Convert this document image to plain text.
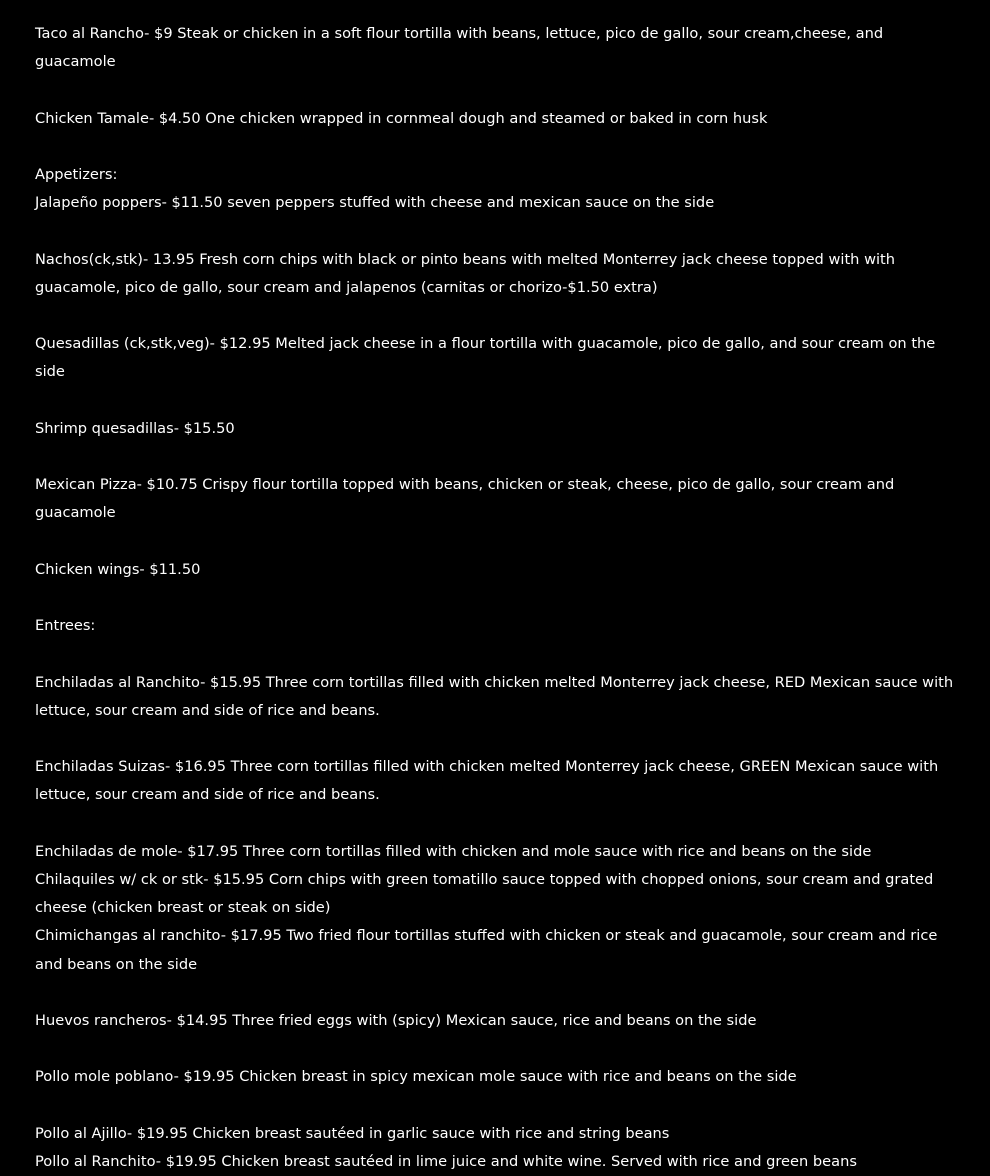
Taco al Rancho- $9 Steak or chicken in a soft flour tortilla with beans, lettuce, pico de gallo, sour cream,cheese, and guacamole

Chicken Tamale- $4.50 One chicken wrapped in cornmeal dough and steamed or baked in corn husk

Appetizers:

Jalapeño poppers- $11.50 seven peppers stuffed with cheese and mexican sauce on the side

Nachos(ck,stk)- 13.95 Fresh corn chips with black or pinto beans with melted Monterrey jack cheese topped with with guacamole, pico de gallo, sour cream and jalapenos (carnitas or chorizo-$1.50 extra)

Quesadillas (ck,stk,veg)- $12.95 Melted jack cheese in a flour tortilla with guacamole, pico de gallo, and sour cream on the side

Shrimp quesadillas- $15.50

Mexican Pizza- $10.75 Crispy flour tortilla topped with beans, chicken or steak, cheese, pico de gallo, sour cream and guacamole

Chicken wings- $11.50

Entrees:

Enchiladas al Ranchito- $15.95 Three corn tortillas filled with chicken melted Monterrey jack cheese, RED Mexican sauce with lettuce, sour cream and side of rice and beans.

Enchiladas Suizas- $16.95 Three corn tortillas filled with chicken melted Monterrey jack cheese, GREEN Mexican sauce with lettuce, sour cream and side of rice and beans.

Enchiladas de mole- $17.95 Three corn tortillas filled with chicken and mole sauce with rice and beans on the side

Chilaquiles w/ ck or stk- $15.95 Corn chips with green tomatillo sauce topped with chopped onions, sour cream and grated cheese (chicken breast or steak on side)

Chimichangas al ranchito- $17.95 Two fried flour tortillas stuffed with chicken or steak and guacamole, sour cream and rice and beans on the side

Huevos rancheros- $14.95 Three fried eggs with (spicy) Mexican sauce, rice and beans on the side

Pollo mole poblano- $19.95 Chicken breast in spicy mexican mole sauce with rice and beans on the side

Pollo al Ajillo- $19.95 Chicken breast sautéed in garlic sauce with rice and string beans

Pollo al Ranchito- $19.95 Chicken breast sautéed in lime juice and white wine. Served with rice and green beans
